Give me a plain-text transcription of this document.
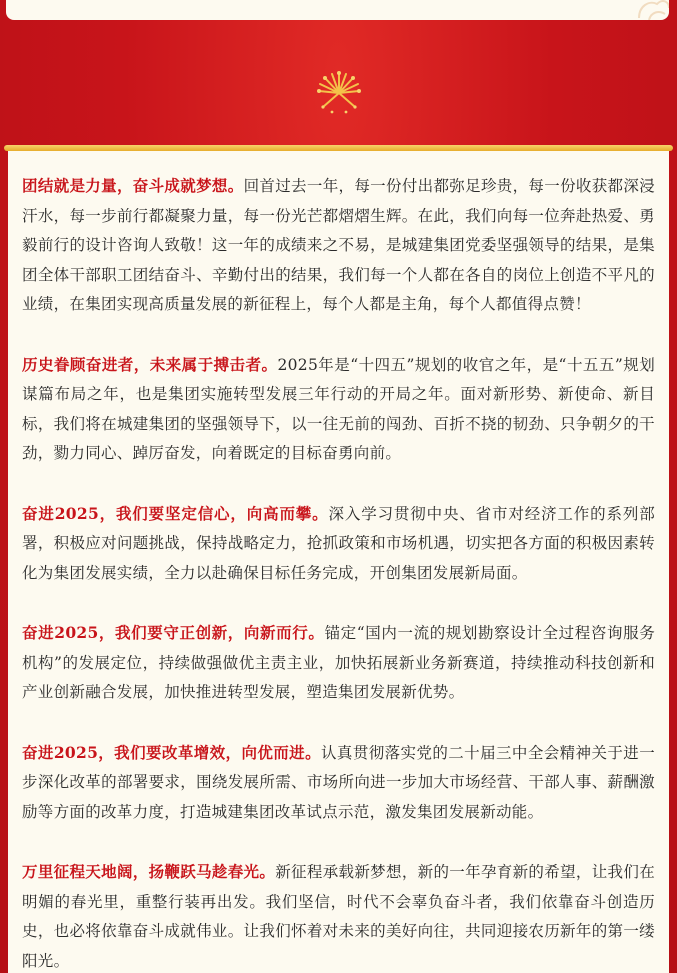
团结就是力量，奋斗成就梦想。回首过去一年，每一份付出都弥足珍贵，每一份收获都深浸汗水，每一步前行都凝聚力量，每一份光芒都熠熠生辉。在此，我们向每一位奔赴热爱、勇毅前行的设计咨询人致敬！这一年的成绩来之不易，是城建集团党委坚强领导的结果，是集团全体干部职工团结奋斗、辛勤付出的结果，我们每一个人都在各自的岗位上创造不平凡的业绩，在集团实现高质量发展的新征程上，每个人都是主角，每个人都值得点赞！

历史眷顾奋进者，未来属于搏击者。2025年是“十四五”规划的收官之年，是“十五五”规划谋篇布局之年，也是集团实施转型发展三年行动的开局之年。面对新形势、新使命、新目标，我们将在城建集团的坚强领导下，以一往无前的闯劲、百折不挠的韧劲、只争朝夕的干劲，勠力同心、踔厉奋发，向着既定的目标奋勇向前。

奋进2025，我们要坚定信心，向高而攀。深入学习贯彻中央、省市对经济工作的系列部署，积极应对问题挑战，保持战略定力，抢抓政策和市场机遇，切实把各方面的积极因素转化为集团发展实绩，全力以赴确保目标任务完成，开创集团发展新局面。

奋进2025，我们要守正创新，向新而行。锚定“国内一流的规划勘察设计全过程咨询服务机构”的发展定位，持续做强做优主责主业，加快拓展新业务新赛道，持续推动科技创新和产业创新融合发展，加快推进转型发展，塑造集团发展新优势。

奋进2025，我们要改革增效，向优而进。认真贯彻落实党的二十届三中全会精神关于进一步深化改革的部署要求，围绕发展所需、市场所向进一步加大市场经营、干部人事、薪酬激励等方面的改革力度，打造城建集团改革试点示范，激发集团发展新动能。

万里征程天地阔，扬鞭跃马趁春光。新征程承载新梦想，新的一年孕育新的希望，让我们在明媚的春光里，重整行装再出发。我们坚信，时代不会辜负奋斗者，我们依靠奋斗创造历史，也必将依靠奋斗成就伟业。让我们怀着对未来的美好向往，共同迎接农历新年的第一缕阳光。
